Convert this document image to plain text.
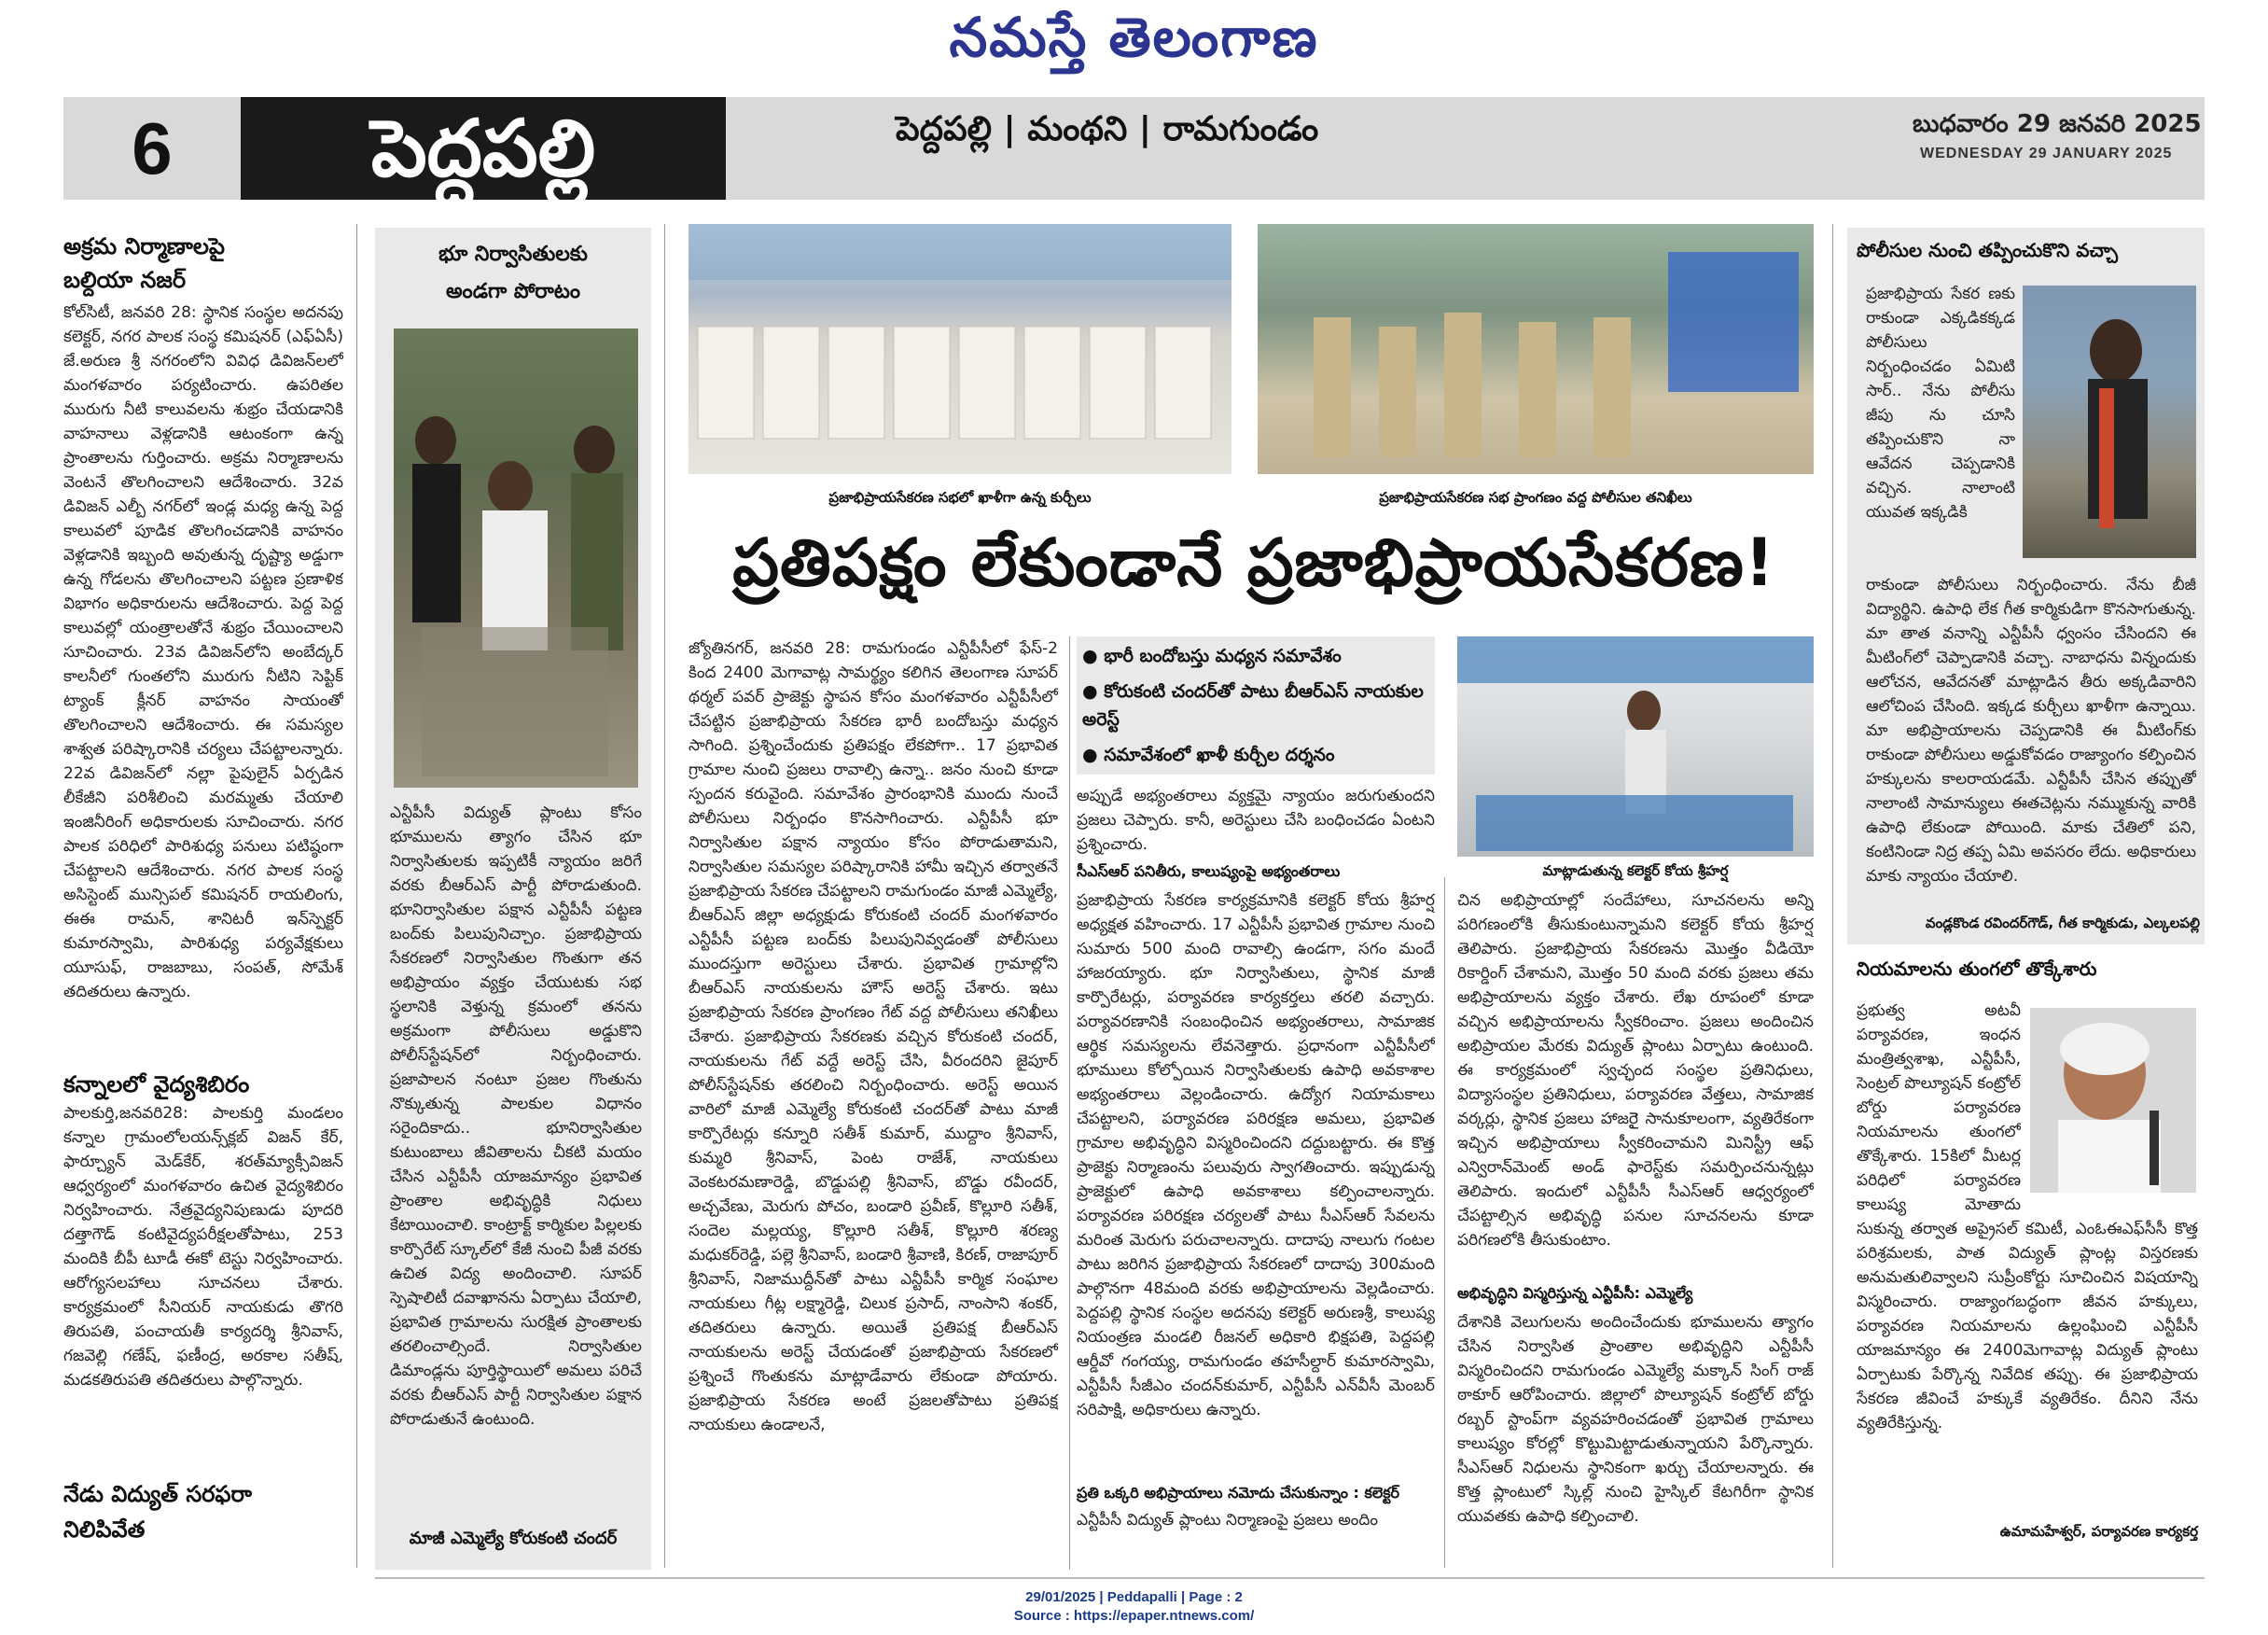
నమస్తే తెలంగాణ
6	పెద్దపల్లి	పెద్దపల్లి | మంథని | రామగుండం	బుధవారం 29 జనవరి 2025
WEDNESDAY 29 JANUARY 2025

అక్రమ నిర్మాణాలపై

బల్దియా నజర్

కోల్‌సిటీ, జనవరి 28: స్థానిక సంస్థల అదనపు కలెక్టర్, నగర పాలక సంస్థ కమిషనర్ (ఎఫ్‌ఏసీ) జే.అరుణ శ్రీ నగరంలోని వివిధ డివిజన్‌లలో మంగళవారం పర్యటించారు. ఉపరితల మురుగు నీటి కాలువలను శుభ్రం చేయడానికి వాహనాలు వెళ్లడానికి ఆటంకంగా ఉన్న ప్రాంతాలను గుర్తించారు. అక్రమ నిర్మాణాలను వెంటనే తొలగించాలని ఆదేశించారు. 32వ డివిజన్ ఎల్బీ నగర్‌లో ఇండ్ల మధ్య ఉన్న పెద్ద కాలువలో పూడిక తొలగించడానికి వాహనం వెళ్లడానికి ఇబ్బంది అవుతున్న దృష్ట్యా అడ్డుగా ఉన్న గోడలను తొలగించాలని పట్టణ ప్రణాళిక విభాగం అధికారులను ఆదేశించారు. పెద్ద పెద్ద కాలువల్లో యంత్రాలతోనే శుభ్రం చేయించాలని సూచించారు. 23వ డివిజన్‌లోని అంబేద్కర్ కాలనీలో గుంతలోని మురుగు నీటిని సెప్టిక్ ట్యాంక్ క్లీనర్ వాహనం సాయంతో తొలగించాలని ఆదేశించారు. ఈ సమస్యల శాశ్వత పరిష్కారానికి చర్యలు చేపట్టాలన్నారు. 22వ డివిజన్‌లో నల్లా పైపులైన్ ఏర్పడిన లీకేజీని పరిశీలించి మరమ్మతు చేయాలి ఇంజినీరింగ్ అధికారులకు సూచించారు. నగర పాలక పరిధిలో పారిశుధ్య పనులు పటిష్ఠంగా చేపట్టాలని ఆదేశించారు. నగర పాలక సంస్థ అసిస్టెంట్ మున్సిపల్ కమిషనర్ రాయలింగు, ఈఈ రామన్, శానిటరీ ఇన్‌స్పెక్టర్ కుమారస్వామి, పారిశుధ్య పర్యవేక్షకులు యూసుఫ్, రాజబాబు, సంపత్, సోమేశ్ తదితరులు ఉన్నారు.

కన్నాలలో వైద్యశిబిరం

పాలకుర్తి,జనవరి28: పాలకుర్తి మండలం కన్నాల గ్రామంలోలయన్స్‌క్లబ్ విజన్ కేర్, ఫార్చ్యూన్ మెడ్‌కేర్, శరత్‌మ్యాక్సీవిజన్ ఆధ్వర్యంలో మంగళవారం ఉచిత వైద్యశిబిరం నిర్వహించారు. నేత్రవైద్యనిపుణుడు పూదరి దత్తాగౌడ్ కంటివైద్యపరీక్షలతోపాటు, 253 మందికి బీపీ టూడీ ఈకో టెస్టు నిర్వహించారు. ఆరోగ్యసలహాలు సూచనలు చేశారు. కార్యక్రమంలో సీనియర్ నాయకుడు తొగరి తిరుపతి, పంచాయతీ కార్యదర్శి శ్రీనివాస్, గజవెల్లి గణేష్, ఫణీంద్ర, అరకాల సతీష్, మడకతిరుపతి తదితరులు పాల్గొన్నారు.

నేడు విద్యుత్ సరఫరా

నిలిపివేత

భూ నిర్వాసితులకు
అండగా పోరాటం
ఎన్టీపీసీ విద్యుత్ ప్లాంటు కోసం భూములను త్యాగం చేసిన భూ నిర్వాసితులకు ఇప్పటికీ న్యాయం జరిగే వరకు బీఆర్ఎస్ పార్టీ పోరాడుతుంది. భూనిర్వాసితుల పక్షాన ఎన్టీపీసీ పట్టణ బంద్‌కు పిలుపునిచ్చాం. ప్రజాభిప్రాయ సేకరణలో నిర్వాసితుల గొంతుగా తన అభిప్రాయం వ్యక్తం చేయుటకు సభ స్థలానికి వెళ్తున్న క్రమంలో తనను అక్రమంగా పోలీసులు అడ్డుకొని పోలీస్‌స్టేషన్‌లో నిర్బంధించారు. ప్రజాపాలన నంటూ ప్రజల గొంతును నొక్కుతున్న పాలకుల విధానం సరైందికాదు.. భూనిర్వాసితుల కుటుంబాలు జీవితాలను చీకటి మయం చేసిన ఎన్టీపీసీ యాజమాన్యం ప్రభావిత ప్రాంతాల అభివృద్ధికి నిధులు కేటాయించాలి. కాంట్రాక్ట్ కార్మికుల పిల్లలకు కార్పొరేట్ స్కూల్‌లో కేజీ నుంచి పీజీ వరకు ఉచిత విద్య అందించాలి. సూపర్ స్పెషాలిటీ దవాఖానను ఏర్పాటు చేయాలి, ప్రభావిత గ్రామాలను సురక్షిత ప్రాంతాలకు తరలించాల్సిందే. నిర్వాసితుల డిమాండ్లను పూర్తిస్థాయిలో అమలు పరిచే వరకు బీఆర్ఎస్ పార్టీ నిర్వాసితుల పక్షాన పోరాడుతునే ఉంటుంది.
మాజీ ఎమ్మెల్యే కోరుకంటి చందర్
ప్రజాభిప్రాయసేకరణ సభలో ఖాళీగా ఉన్న కుర్చీలు	ప్రజాభిప్రాయసేకరణ సభ ప్రాంగణం వద్ద పోలీసుల తనిఖీలు
ప్రతిపక్షం లేకుండానే ప్రజాభిప్రాయసేకరణ!
జ్యోతినగర్, జనవరి 28: రామగుండం ఎన్టీపీసీలో ఫేస్-2 కింద 2400 మెగావాట్ల సామర్థ్యం కలిగిన తెలంగాణ సూపర్ థర్మల్ పవర్ ప్రాజెక్టు స్థాపన కోసం మంగళవారం ఎన్టీపీసీలో చేపట్టిన ప్రజాభిప్రాయ సేకరణ భారీ బందోబస్తు మధ్యన సాగింది. ప్రశ్నించేందుకు ప్రతిపక్షం లేకపోగా.. 17 ప్రభావిత గ్రామాల నుంచి ప్రజలు రావాల్సి ఉన్నా.. జనం నుంచి కూడా స్పందన కరువైంది. సమావేశం ప్రారంభానికి ముందు నుంచే పోలీసులు నిర్బంధం కొనసాగించారు. ఎన్టీపీసీ భూ నిర్వాసితుల పక్షాన న్యాయం కోసం పోరాడుతామని, నిర్వాసితుల సమస్యల పరిష్కారానికి హామీ ఇచ్చిన తర్వాతనే ప్రజాభిప్రాయ సేకరణ చేపట్టాలని రామగుండం మాజీ ఎమ్మెల్యే, బీఆర్ఎస్ జిల్లా అధ్యక్షుడు కోరుకంటి చందర్ మంగళవారం ఎన్టీపీసీ పట్టణ బంద్‌కు పిలుపునివ్వడంతో పోలీసులు ముందస్తుగా అరెస్టులు చేశారు. ప్రభావిత గ్రామాల్లోని బీఆర్ఎస్ నాయకులను హౌస్ అరెస్ట్ చేశారు. ఇటు ప్రజాభిప్రాయ సేకరణ ప్రాంగణం గేట్ వద్ద పోలీసులు తనిఖీలు చేశారు. ప్రజాభిప్రాయ సేకరణకు వచ్చిన కోరుకంటి చందర్, నాయకులను గేట్ వద్దే అరెస్ట్ చేసి, వీరందరిని జైపూర్ పోలీస్‌స్టేషన్‌కు తరలించి నిర్బంధించారు. అరెస్ట్ అయిన వారిలో మాజీ ఎమ్మెల్యే కోరుకంటి చందర్‌తో పాటు మాజీ కార్పొరేటర్లు కన్నూరి సతీశ్ కుమార్, ముద్దాం శ్రీనివాస్, కుమ్మరి శ్రీనివాస్, పెంట రాజేశ్, నాయకులు వెంకటరమణారెడ్డి, బొడ్డుపల్లి శ్రీనివాస్, బొడ్డు రవీందర్, అచ్చవేణు, మెరుగు పోచం, బండారి ప్రవీణ్, కొల్లూరి సతీశ్, సందెల మల్లయ్య, కొల్లూరి సతీశ్, కొల్లూరి శరణ్య మధుకర్‌రెడ్డి, పల్లె శ్రీనివాస్, బండారి శ్రీవాణి, కిరణ్, రాజాపూర్ శ్రీనివాస్, నిజాముద్దీన్‌తో పాటు ఎన్టీపీసీ కార్మిక సంఘాల నాయకులు గీట్ల లక్ష్మారెడ్డి, చిలుక ప్రసాద్, నాంసాని శంకర్, తదితరులు ఉన్నారు. అయితే ప్రతిపక్ష బీఆర్ఎస్ నాయకులను అరెస్ట్ చేయడంతో ప్రజాభిప్రాయ సేకరణలో ప్రశ్నించే గొంతుకను మాట్లాడేవారు లేకుండా పోయారు. ప్రజాభిప్రాయ సేకరణ అంటే ప్రజలతోపాటు ప్రతిపక్ష నాయకులు ఉండాలనే,
● భారీ బందోబస్తు మధ్యన సమావేశం
● కోరుకంటి చందర్‌తో పాటు బీఆర్ఎస్ నాయకుల అరెస్ట్
● సమావేశంలో ఖాళీ కుర్చీల దర్శనం
మాట్లాడుతున్న కలెక్టర్ కోయ శ్రీహర్ష
అప్పుడే అభ్యంతరాలు వ్యక్తమై న్యాయం జరుగుతుందని ప్రజలు చెప్పారు. కానీ, అరెస్టులు చేసి బంధించడం ఏంటని ప్రశ్నించారు.
సీఎస్ఆర్ పనితీరు, కాలుష్యంపై అభ్యంతరాలు
ప్రజాభిప్రాయ సేకరణ కార్యక్రమానికి కలెక్టర్ కోయ శ్రీహర్ష అధ్యక్షత వహించారు. 17 ఎన్టీపీసీ ప్రభావిత గ్రామాల నుంచి సుమారు 500 మంది రావాల్సి ఉండగా, సగం మందే హాజరయ్యారు. భూ నిర్వాసితులు, స్థానిక మాజీ కార్పొరేటర్లు, పర్యావరణ కార్యకర్తలు తరలి వచ్చారు. పర్యావరణానికి సంబంధించిన అభ్యంతరాలు, సామాజిక ఆర్థిక సమస్యలను లేవనెత్తారు. ప్రధానంగా ఎన్టీపీసీలో భూములు కోల్పోయిన నిర్వాసితులకు ఉపాధి అవకాశాల అభ్యంతరాలు వెల్లండించారు. ఉద్యోగ నియామకాలు చేపట్టాలని, పర్యావరణ పరిరక్షణ అమలు, ప్రభావిత గ్రామాల అభివృద్ధిని విస్మరించిందని దద్దుబట్టారు. ఈ కొత్త ప్రాజెక్టు నిర్మాణంను పలువురు స్వాగతించారు. ఇప్పుడున్న ప్రాజెక్టులో ఉపాధి అవకాశాలు కల్పించాలన్నారు. పర్యావరణ పరిరక్షణ చర్యలతో పాటు సీఎస్ఆర్ సేవలను మరింత మెరుగు పరుచాలన్నారు. దాదాపు నాలుగు గంటల పాటు జరిగిన ప్రజాభిప్రాయ సేకరణలో దాదాపు 300మంది పాల్గొనగా 48మంది వరకు అభిప్రాయాలను వెల్లడించారు. పెద్దపల్లి స్థానిక సంస్థల అదనపు కలెక్టర్ అరుణశ్రీ, కాలుష్య నియంత్రణ మండలి రీజనల్ అధికారి భిక్షపతి, పెద్దపల్లి ఆర్డీవో గంగయ్య, రామగుండం తహసీల్దార్ కుమారస్వామి, ఎన్టీపీసీ సీజీఎం చందన్‌కుమార్, ఎన్టీపీసీ ఎన్‌వీసీ మెంబర్ సరిపాక్షి, అధికారులు ఉన్నారు.
ప్రతి ఒక్కరి అభిప్రాయాలు నమోదు చేసుకున్నాం : కలెక్టర్
ఎన్టీపీసీ విద్యుత్ ప్లాంటు నిర్మాణంపై ప్రజలు అందిం
చిన అభిప్రాయాల్లో సందేహాలు, సూచనలను అన్ని పరిగణంలోకి తీసుకుంటున్నామని కలెక్టర్ కోయ శ్రీహర్ష తెలిపారు. ప్రజాభిప్రాయ సేకరణను మొత్తం వీడియో రికార్డింగ్ చేశామని, మొత్తం 50 మంది వరకు ప్రజలు తమ అభిప్రాయాలను వ్యక్తం చేశారు. లేఖ రూపంలో కూడా వచ్చిన అభిప్రాయాలను స్వీకరించాం. ప్రజలు అందించిన అభిప్రాయల మేరకు విద్యుత్ ప్లాంటు ఏర్పాటు ఉంటుంది. ఈ కార్యక్రమంలో స్వచ్ఛంద సంస్థల ప్రతినిధులు, విద్యాసంస్థల ప్రతినిధులు, పర్యావరణ వేత్తలు, సామాజిక వర్కర్లు, స్థానిక ప్రజలు హాజరైై సానుకూలంగా, వ్యతిరేకంగా ఇచ్చిన అభిప్రాయాలు స్వీకరించామని మినిస్ట్రీ ఆఫ్ ఎన్విరాన్‌మెంట్ అండ్ ఫారెస్ట్‌కు సమర్పించనున్నట్లు తెలిపారు. ఇందులో ఎన్టీపీసీ సీఎస్ఆర్ ఆధ్వర్యంలో చేపట్టాల్సిన అభివృద్ధి పనుల సూచనలను కూడా పరిగణలోకి తీసుకుంటాం.
అభివృద్ధిని విస్మరిస్తున్న ఎన్టీపీసీ: ఎమ్మెల్యే
దేశానికి వెలుగులను అందించేందుకు భూములను త్యాగం చేసిన నిర్వాసిత ప్రాంతాల అభివృద్ధిని ఎన్టీపీసీ విస్మరించిందని రామగుండం ఎమ్మెల్యే మక్కాన్ సింగ్ రాజ్ ఠాకూర్ ఆరోపించారు. జిల్లాలో పొల్యూషన్ కంట్రోల్ బోర్డు రబ్బర్ స్టాంప్‌గా వ్యవహరించడంతో ప్రభావిత గ్రామాలు కాలుష్యం కోరల్లో కొట్టుమిట్టాడుతున్నాయని పేర్కొన్నారు. సీఎస్ఆర్ నిధులను స్థానికంగా ఖర్చు చేయాలన్నారు. ఈ కొత్త ప్లాంటులో స్కిల్ల్ నుంచి హైస్కిల్ కేటగిరీగా స్థానిక యువతకు ఉపాధి కల్పించాలి.
పోలీసుల నుంచి తప్పించుకొని వచ్చా
ప్రజాభిప్రాయ సేకర ణకు రాకుండా ఎక్కడికక్కడ పోలీసులు నిర్బంధించడం ఏమిటి సార్.. నేను పోలీసు జీపు ను చూసి తప్పించుకొని నా ఆవేదన చెప్పడానికి వచ్చిన. నాలాంటి యువత ఇక్కడికి
రాకుండా పోలీసులు నిర్బంధించారు. నేను బీజీ విద్యార్థిని. ఉపాధి లేక గీత కార్మికుడిగా కొనసాగుతున్న. మా తాత వనాన్ని ఎన్టీపీసీ ధ్వంసం చేసిందని ఈ మీటింగ్‌లో చెప్పాడానికి వచ్చా. నాబాధను విన్నందుకు ఆలోచన, ఆవేదనతో మాట్లాడిన తీరు అక్కడివారిని ఆలోచింప చేసింది. ఇక్కడ కుర్చీలు ఖాళీగా ఉన్నాయి. మా అభిప్రాయాలను చెప్పడానికి ఈ మీటింగ్‌కు రాకుండా పోలీసులు అడ్డుకోవడం రాజ్యాంగం కల్పించిన హక్కులను కాలరాయడమే. ఎన్టీపీసీ చేసిన తప్పుతో నాలాంటి సామాన్యులు ఈతచెట్లను నమ్ముకున్న వారికి ఉపాధి లేకుండా పోయింది. మాకు చేతిలో పని, కంటినిండా నిద్ర తప్ప ఏమి అవసరం లేదు. అధికారులు మాకు న్యాయం చేయాలి.
వండ్లకొండ రవిందర్‌గౌడ్, గీత కార్మికుడు, ఎల్కలపల్లి
నియమాలను తుంగలో తొక్కేశారు
ప్రభుత్వ అటవీ పర్యావరణ, ఇంధన మంత్రిత్వశాఖ, ఎన్టీపీసీ, సెంట్రల్ పొల్యూషన్ కంట్రోల్ బోర్డు పర్యావరణ నియమాలను తుంగలో తొక్కేశారు. 15కిలో మీటర్ల పరిధిలో పర్యావరణ కాలుష్య మోతాదు
సుకున్న తర్వాత అప్రైసల్ కమిటీ, ఎంఓఈఎఫ్‌సీసీ కొత్త పరిశ్రమలకు, పాత విద్యుత్ ప్లాంట్ల విస్తరణకు అనుమతులివ్వాలని సుప్రీంకోర్టు సూచించిన విషయాన్ని విస్మరించారు. రాజ్యాంగబద్ధంగా జీవన హక్కులు, పర్యావరణ నియమాలను ఉల్లంఘించి ఎన్టీపీసీ యాజమాన్యం ఈ 2400మెగావాట్ల విద్యుత్ ప్లాంటు ఏర్పాటుకు పేర్కొన్న నివేదిక తప్పు. ఈ ప్రజాభిప్రాయ సేకరణ జీవించే హక్కుకే వ్యతిరేకం. దీనిని నేను వ్యతిరేకిస్తున్న.
ఉమామహేశ్వర్, పర్యావరణ కార్యకర్త
29/01/2025 | Peddapalli | Page : 2
Source : https://epaper.ntnews.com/
